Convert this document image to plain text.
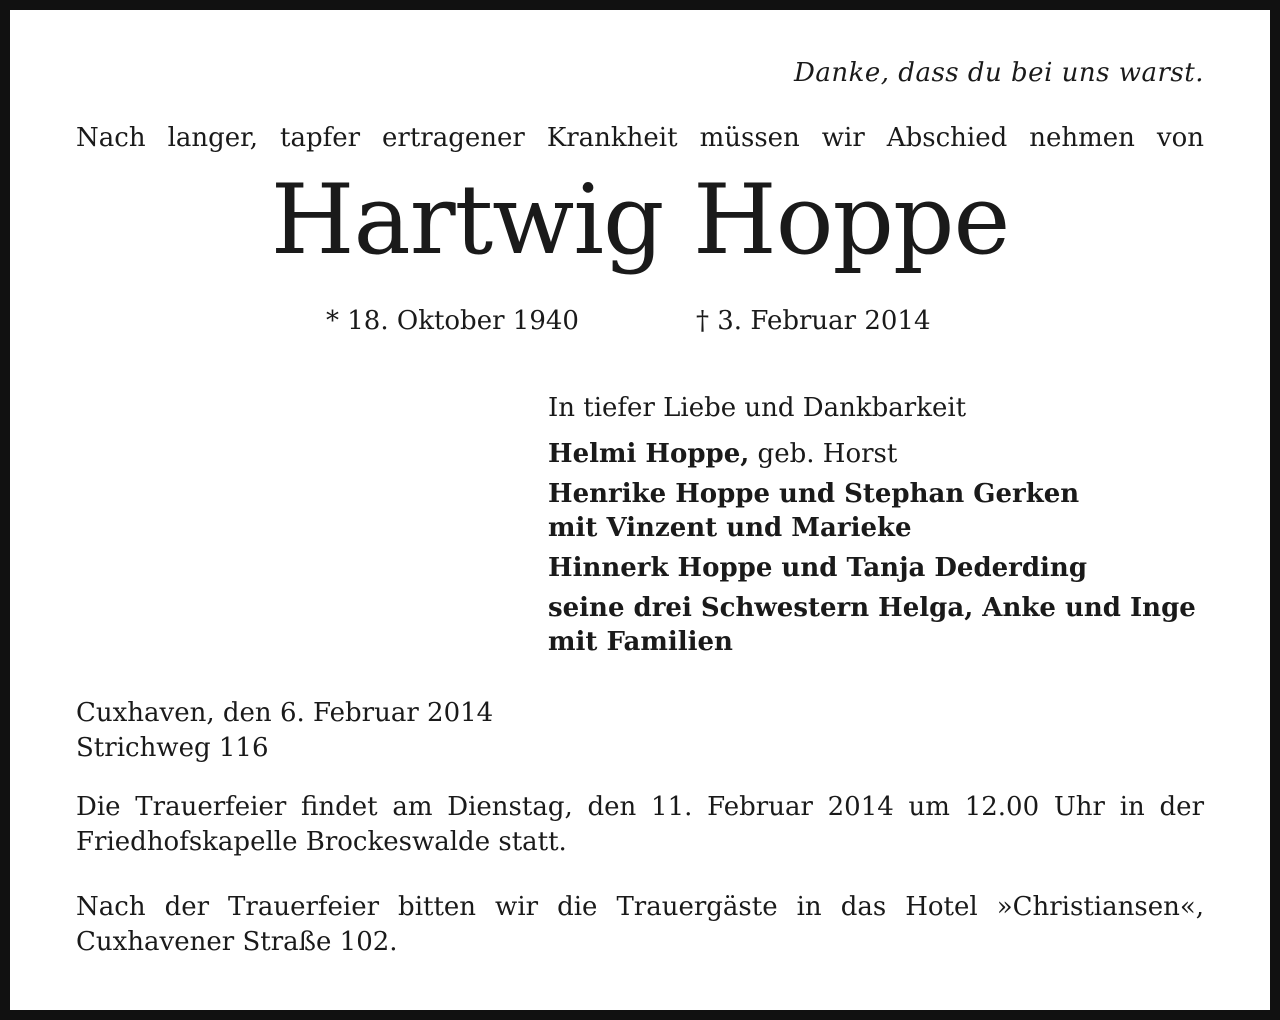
Danke, dass du bei uns warst.
Nach langer, tapfer ertragener Krankheit müssen wir Abschied nehmen von
Hartwig Hoppe
* 18. Oktober 1940	† 3. Februar 2014
In tiefer Liebe und Dankbarkeit
Helmi Hoppe, geb. Horst
Henrike Hoppe und Stephan Gerken
mit Vinzent und Marieke
Hinnerk Hoppe und Tanja Dederding
seine drei Schwestern Helga, Anke und Inge
mit Familien
Cuxhaven, den 6. Februar 2014
Strichweg 116
Die Trauerfeier findet am Dienstag, den 11. Februar 2014 um 12.00 Uhr in der Friedhofskapelle Brockeswalde statt.
Nach der Trauerfeier bitten wir die Trauergäste in das Hotel »Christiansen«, Cuxhavener Straße 102.
